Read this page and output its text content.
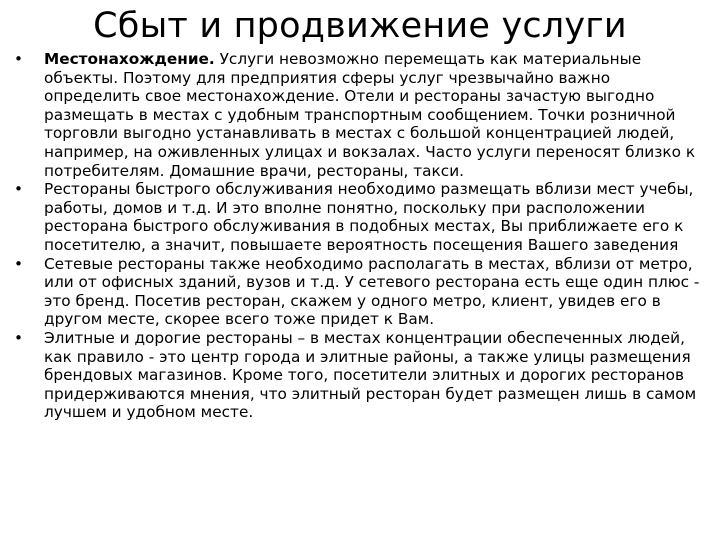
Сбыт и продвижение услуги
•	Местонахождение. Услуги невозможно перемещать как материальные объекты. Поэтому для предприятия сферы услуг чрезвычайно важно определить свое местонахождение. Отели и рестораны зачастую выгодно размещать в местах с удобным транспортным сообщением. Точки розничной торговли выгодно устанавливать в местах с большой концентрацией людей, например, на оживленных улицах и вокзалах. Часто услуги переносят близко к потребителям. Домашние врачи, рестораны, такси.
•	Рестораны быстрого обслуживания необходимо размещать вблизи мест учебы, работы, домов и т.д. И это вполне понятно, поскольку при расположении ресторана быстрого обслуживания в подобных местах, Вы приближаете его к посетителю, а значит, повышаете вероятность посещения Вашего заведения
•	Сетевые рестораны также необходимо располагать в местах, вблизи от метро, или от офисных зданий, вузов и т.д. У сетевого ресторана есть еще один плюс - это бренд. Посетив ресторан, скажем у одного метро, клиент, увидев его в другом месте, скорее всего тоже придет к Вам.
•	Элитные и дорогие рестораны – в местах концентрации обеспеченных людей, как правило - это центр города и элитные районы, а также улицы размещения брендовых магазинов. Кроме того, посетители элитных и дорогих ресторанов придерживаются мнения, что элитный ресторан будет размещен лишь в самом лучшем и удобном месте.
